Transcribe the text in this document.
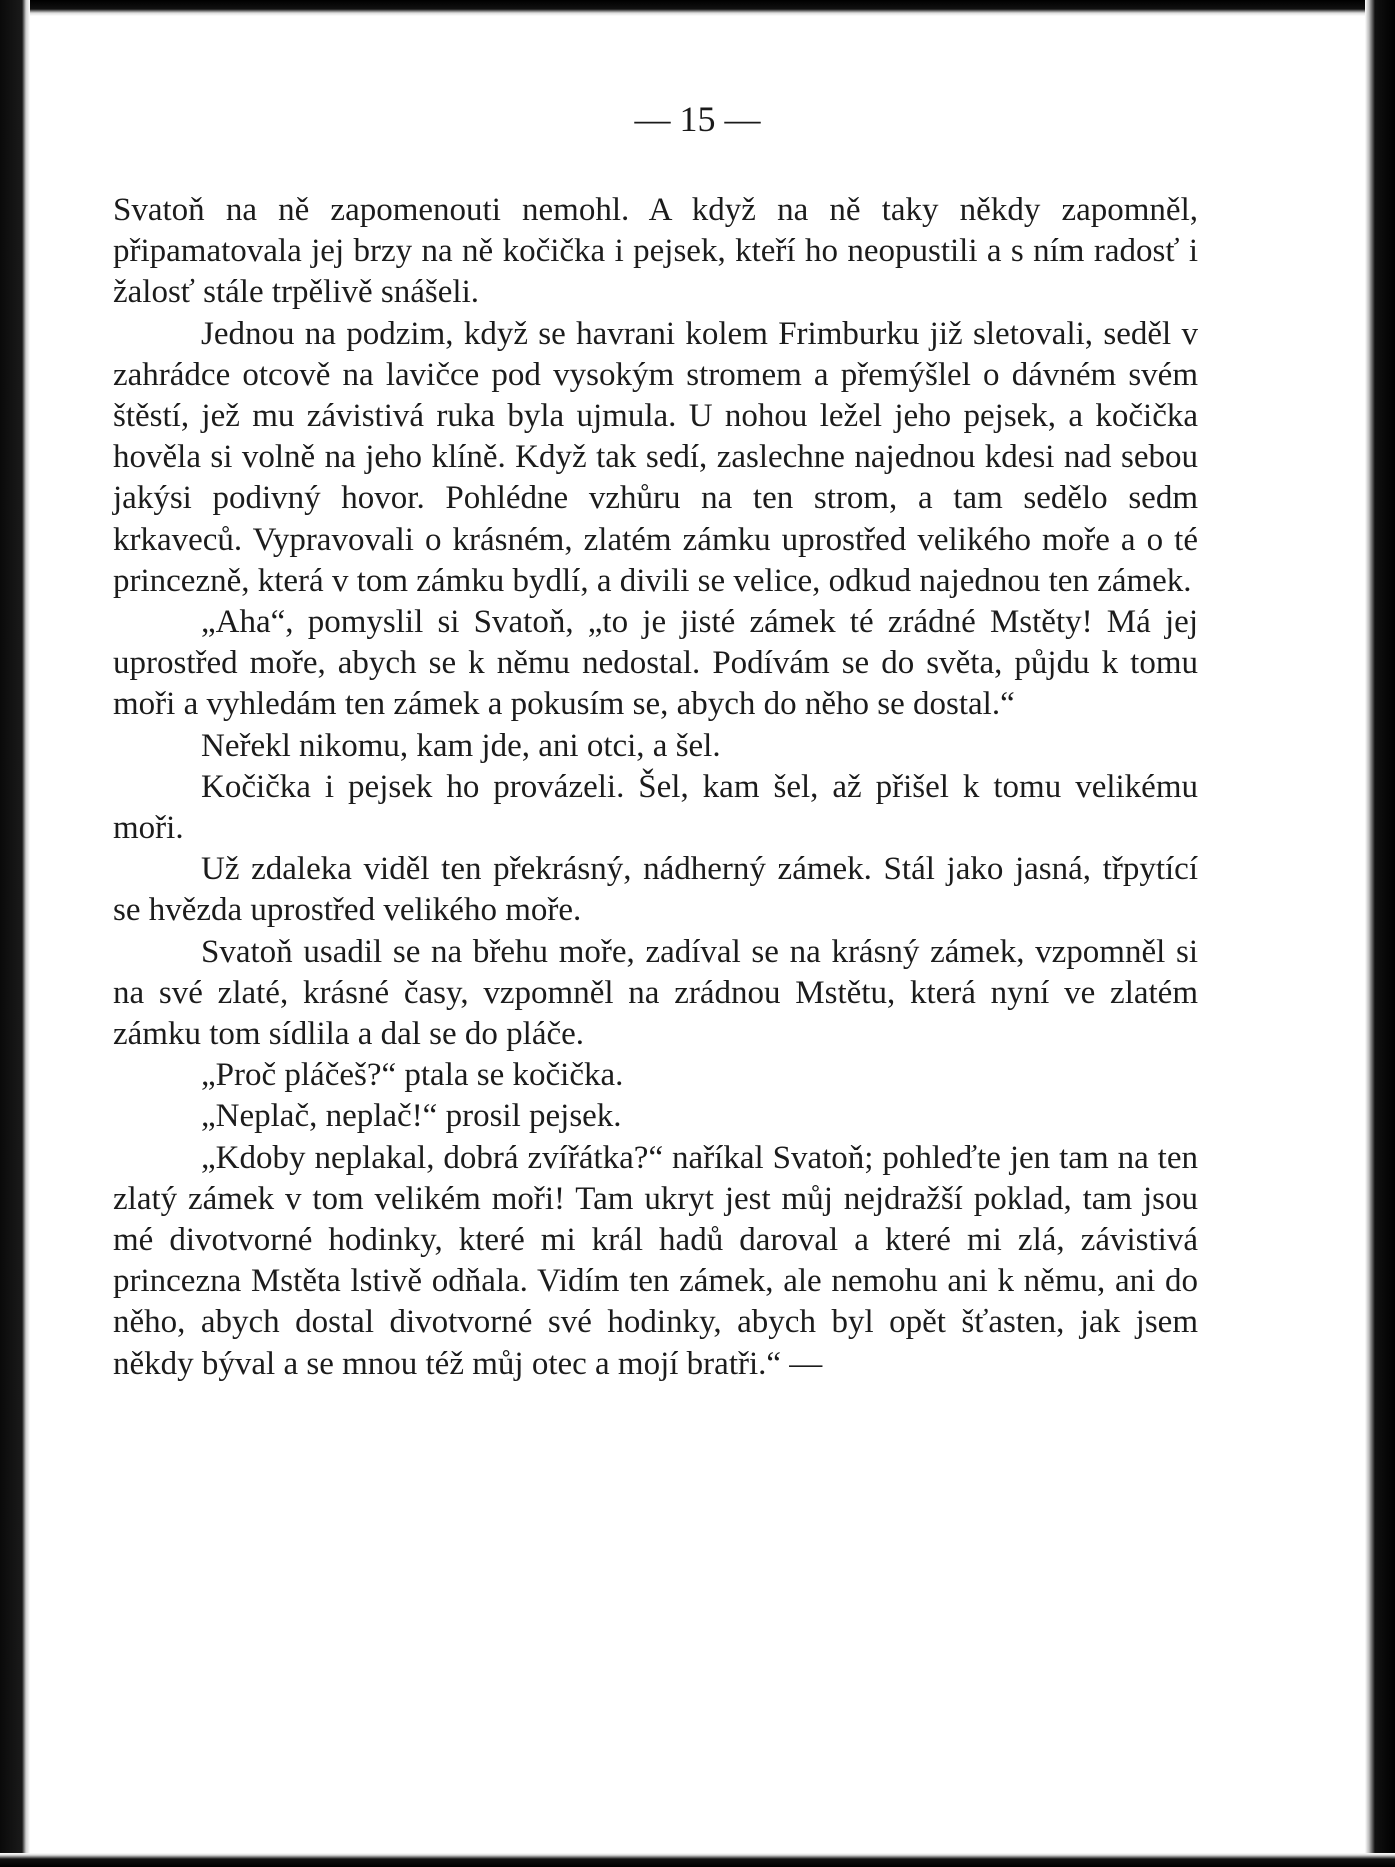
— 15 —

Svatoň na ně zapomenouti nemohl. A když na ně taky někdy zapomněl, připamatovala jej brzy na ně kočička i pejsek, kteří ho neopustili a s ním radosť i žalosť stále trpělivě snášeli.

Jednou na podzim, když se havrani kolem Frimburku již sletovali, seděl v zahrádce otcově na lavičce pod vysokým stromem a přemýšlel o dávném svém štěstí, jež mu závistivá ruka byla ujmula. U nohou ležel jeho pejsek, a kočička hověla si volně na jeho klíně. Když tak sedí, zaslechne najednou kdesi nad sebou jakýsi podivný hovor. Pohlédne vzhůru na ten strom, a tam sedělo sedm krkaveců. Vypravovali o krásném, zlatém zámku uprostřed velikého moře a o té princezně, která v tom zámku bydlí, a divili se velice, odkud najednou ten zámek.

„Aha“, pomyslil si Svatoň, „to je jisté zámek té zrádné Mstěty! Má jej uprostřed moře, abych se k němu nedostal. Podívám se do světa, půjdu k tomu moři a vyhledám ten zámek a pokusím se, abych do něho se dostal.“

Neřekl nikomu, kam jde, ani otci, a šel.

Kočička i pejsek ho provázeli. Šel, kam šel, až přišel k tomu velikému moři.

Už zdaleka viděl ten překrásný, nádherný zámek. Stál jako jasná, třpytící se hvězda uprostřed velikého moře.

Svatoň usadil se na břehu moře, zadíval se na krásný zámek, vzpomněl si na své zlaté, krásné časy, vzpomněl na zrádnou Mstětu, která nyní ve zlatém zámku tom sídlila a dal se do pláče.

„Proč pláčeš?“ ptala se kočička.

„Neplač, neplač!“ prosil pejsek.

„Kdoby neplakal, dobrá zvířátka?“ naříkal Svatoň; pohleďte jen tam na ten zlatý zámek v tom velikém moři! Tam ukryt jest můj nejdražší poklad, tam jsou mé divotvorné hodinky, které mi král hadů daroval a které mi zlá, závistivá princezna Mstěta lstivě odňala. Vidím ten zámek, ale nemohu ani k němu, ani do něho, abych dostal divotvorné své hodinky, abych byl opět šťasten, jak jsem někdy býval a se mnou též můj otec a mojí bratři.“ —
